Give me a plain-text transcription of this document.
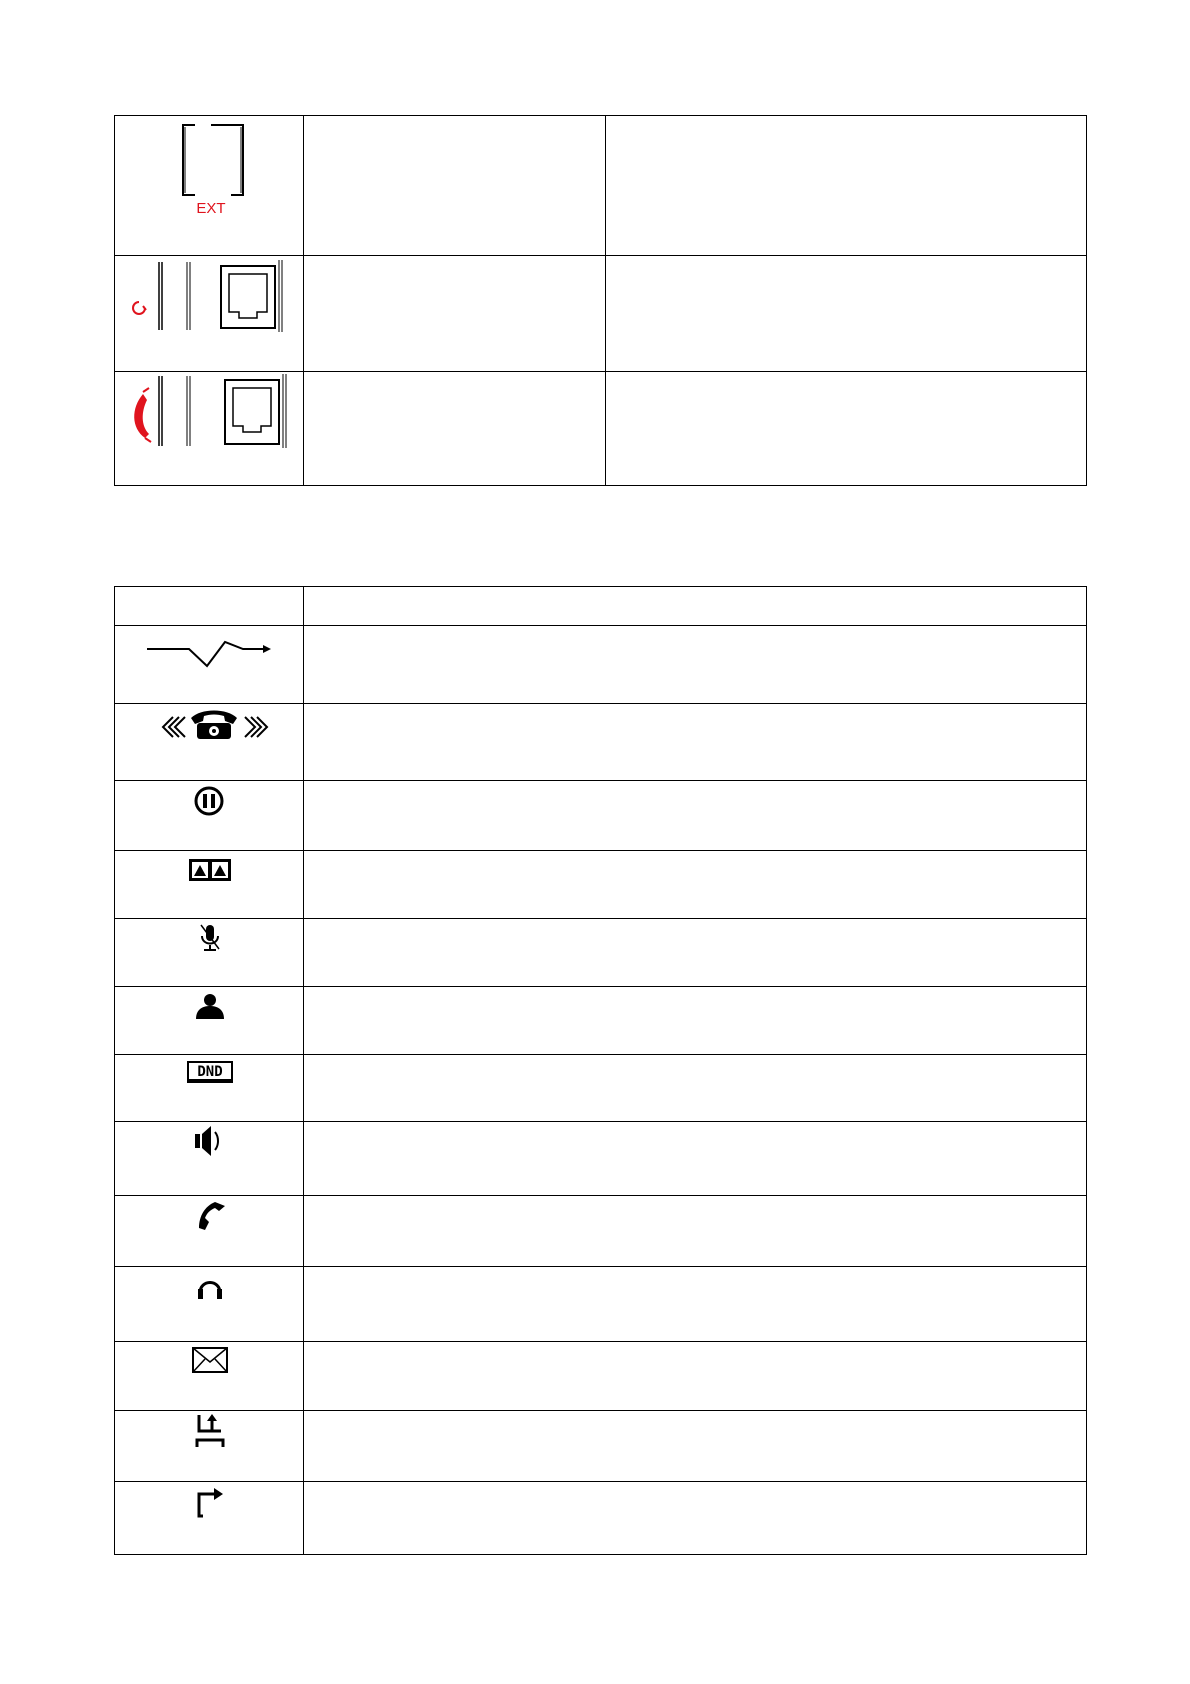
EXT		

DND	
